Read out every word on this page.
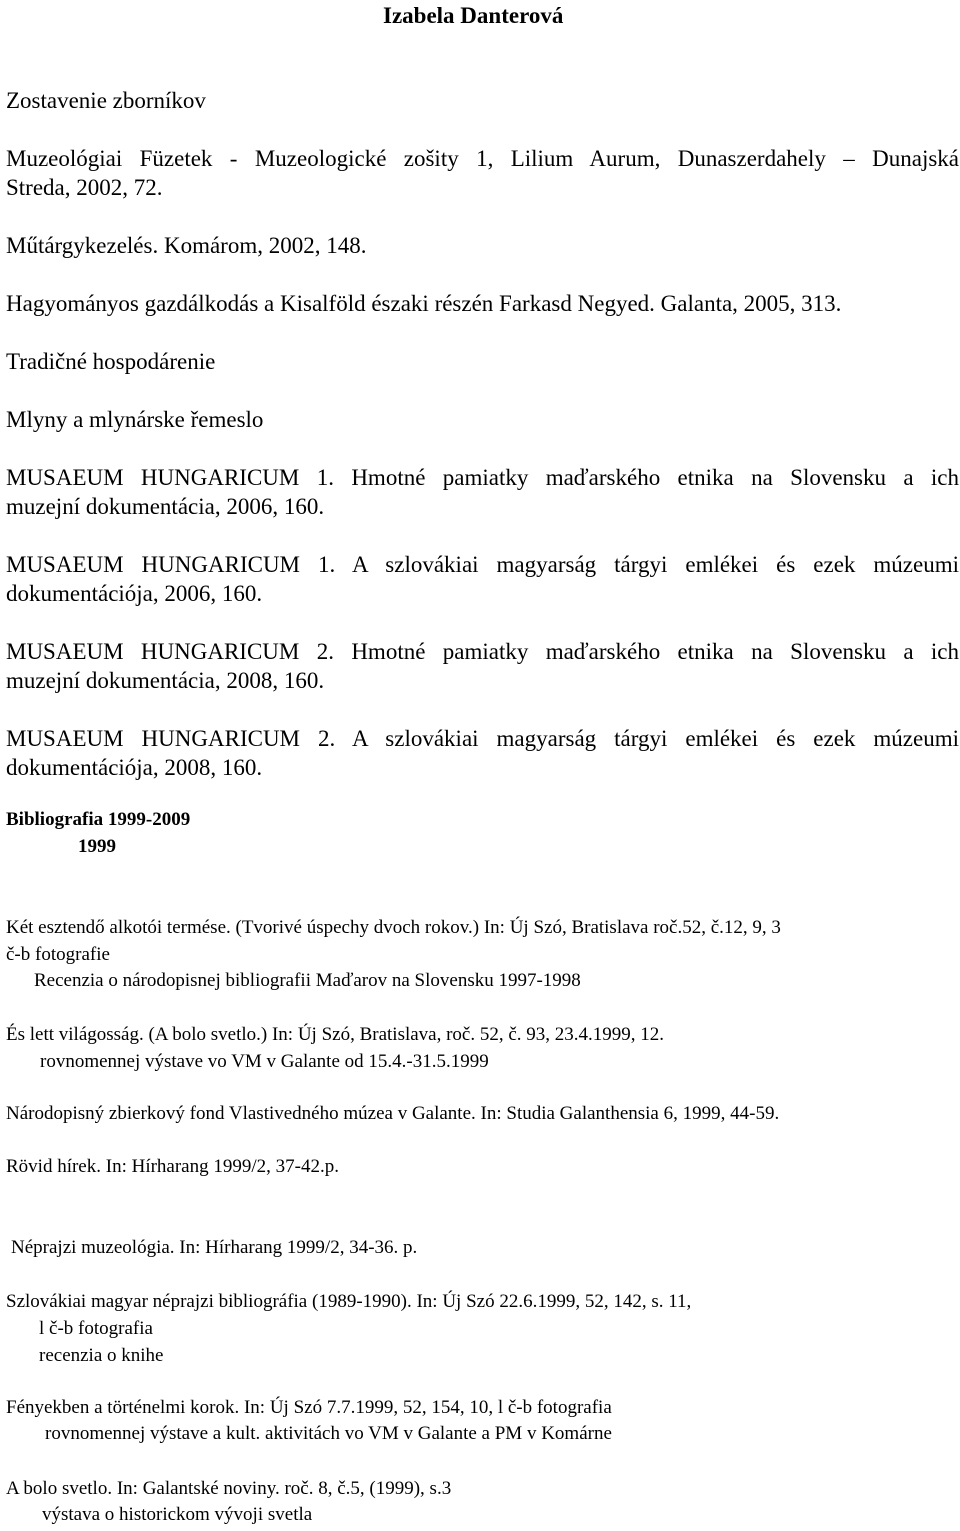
Izabela Danterová
Zostavenie zborníkov
Muzeológiai Füzetek - Muzeologické zošity 1, Lilium Aurum, Dunaszerdahely – Dunajská
Streda, 2002, 72.
Műtárgykezelés. Komárom, 2002, 148.
Hagyományos gazdálkodás a Kisalföld északi részén Farkasd Negyed. Galanta, 2005, 313.
Tradičné hospodárenie
Mlyny a mlynárske řemeslo
MUSAEUM HUNGARICUM 1. Hmotné pamiatky maďarského etnika na Slovensku a ich
muzejní dokumentácia, 2006, 160.
MUSAEUM HUNGARICUM 1. A szlovákiai magyarság tárgyi emlékei és ezek múzeumi
dokumentációja, 2006, 160.
MUSAEUM HUNGARICUM 2. Hmotné pamiatky maďarského etnika na Slovensku a ich
muzejní dokumentácia, 2008, 160.
MUSAEUM HUNGARICUM 2. A szlovákiai magyarság tárgyi emlékei és ezek múzeumi
dokumentációja, 2008, 160.
Bibliografia 1999-2009
1999
Két esztendő alkotói termése. (Tvorivé úspechy dvoch rokov.) In: Új Szó, Bratislava roč.52, č.12, 9, 3
č-b fotografie
Recenzia o národopisnej bibliografii Maďarov na Slovensku 1997-1998
És lett világosság. (A bolo svetlo.) In: Új Szó, Bratislava, roč. 52, č. 93, 23.4.1999, 12.
rovnomennej výstave vo VM v Galante od 15.4.-31.5.1999
Národopisný zbierkový fond Vlastivedného múzea v Galante. In: Studia Galanthensia 6, 1999, 44-59.
Rövid hírek. In: Hírharang 1999/2, 37-42.p.
Néprajzi muzeológia. In: Hírharang 1999/2, 34-36. p.
Szlovákiai magyar néprajzi bibliográfia (1989-1990). In: Új Szó 22.6.1999, 52, 142, s. 11,
l č-b fotografia
recenzia o knihe
Fényekben a történelmi korok. In: Új Szó 7.7.1999, 52, 154, 10, l č-b fotografia
rovnomennej výstave a kult. aktivitách vo VM v Galante a PM v Komárne
A bolo svetlo. In: Galantské noviny. roč. 8, č.5, (1999), s.3
výstava o historickom vývoji svetla
